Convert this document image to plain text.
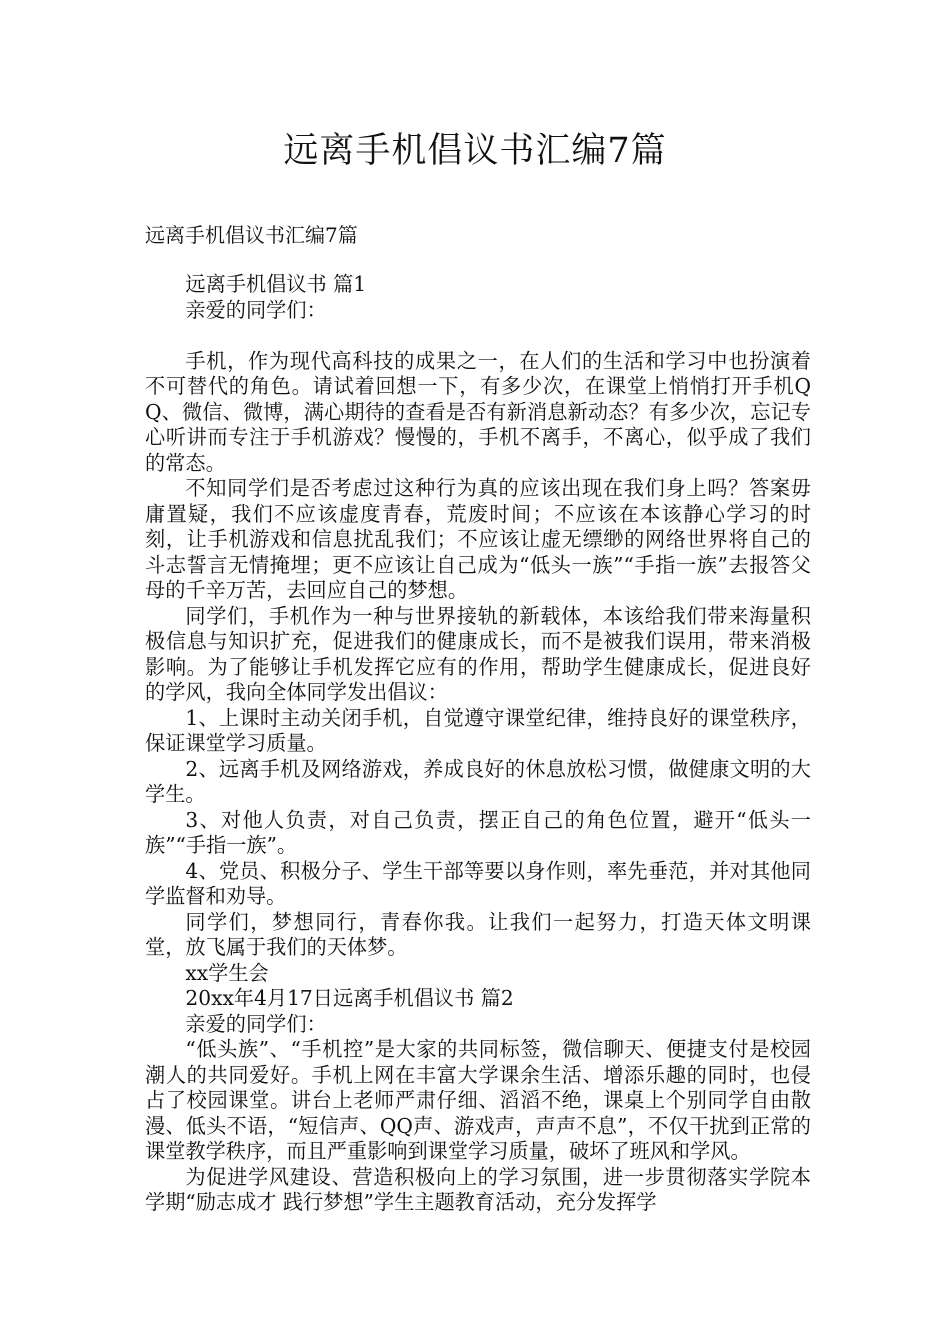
远离手机倡议书汇编7篇

远离手机倡议书汇编7篇

远离手机倡议书 篇1

亲爱的同学们：

手机，作为现代高科技的成果之一，在人们的生活和学习中也扮演着不可替代的角色。请试着回想一下，有多少次，在课堂上悄悄打开手机QQ、微信、微博，满心期待的查看是否有新消息新动态？有多少次，忘记专心听讲而专注于手机游戏？慢慢的，手机不离手，不离心，似乎成了我们的常态。

不知同学们是否考虑过这种行为真的应该出现在我们身上吗？答案毋庸置疑，我们不应该虚度青春，荒废时间；不应该在本该静心学习的时刻，让手机游戏和信息扰乱我们；不应该让虚无缥缈的网络世界将自己的斗志誓言无情掩埋；更不应该让自己成为“低头一族”“手指一族”去报答父母的千辛万苦，去回应自己的梦想。

同学们，手机作为一种与世界接轨的新载体，本该给我们带来海量积极信息与知识扩充，促进我们的健康成长，而不是被我们误用，带来消极影响。为了能够让手机发挥它应有的作用，帮助学生健康成长，促进良好的学风，我向全体同学发出倡议：

1、上课时主动关闭手机，自觉遵守课堂纪律，维持良好的课堂秩序，保证课堂学习质量。

2、远离手机及网络游戏，养成良好的休息放松习惯，做健康文明的大学生。

3、对他人负责，对自己负责，摆正自己的角色位置，避开“低头一族”“手指一族”。

4、党员、积极分子、学生干部等要以身作则，率先垂范，并对其他同学监督和劝导。

同学们，梦想同行，青春你我。让我们一起努力，打造天体文明课堂，放飞属于我们的天体梦。

xx学生会

20xx年4月17日远离手机倡议书 篇2

亲爱的同学们：

“低头族”、“手机控”是大家的共同标签，微信聊天、便捷支付是校园潮人的共同爱好。手机上网在丰富大学课余生活、增添乐趣的同时，也侵占了校园课堂。讲台上老师严肃仔细、滔滔不绝，课桌上个别同学自由散漫、低头不语，“短信声、QQ声、游戏声，声声不息”，不仅干扰到正常的课堂教学秩序，而且严重影响到课堂学习质量，破坏了班风和学风。

为促进学风建设、营造积极向上的学习氛围，进一步贯彻落实学院本学期“励志成才 践行梦想”学生主题教育活动，充分发挥学
